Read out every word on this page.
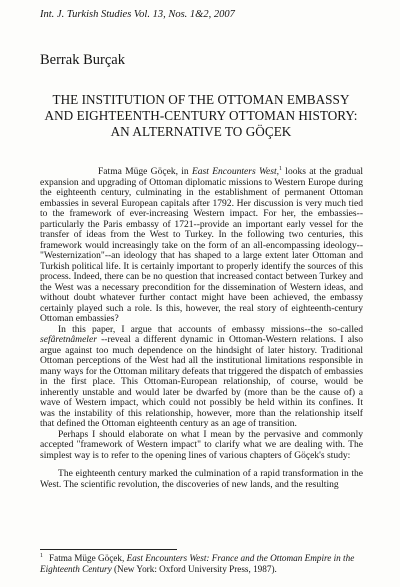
Int. J. Turkish Studies Vol. 13, Nos. 1&2, 2007
Berrak Burçak
THE INSTITUTION OF THE OTTOMAN EMBASSY
AND EIGHTEENTH-CENTURY OTTOMAN HISTORY:
AN ALTERNATIVE TO GÖÇEK

Fatma Müge Göçek, in East Encounters West,$^1$ looks at the gradual expansion and upgrading of Ottoman diplomatic missions to Western Europe during the eighteenth century, culminating in the establishment of permanent Ottoman embassies in several European capitals after 1792. Her discussion is very much tied to the framework of ever-increasing Western impact. For her, the embassies--particularly the Paris embassy of 1721--provide an important early vessel for the transfer of ideas from the West to Turkey. In the following two centuries, this framework would increasingly take on the form of an all-encompassing ideology--"Westernization"--an ideology that has shaped to a large extent later Ottoman and Turkish political life. It is certainly important to properly identify the sources of this process. Indeed, there can be no question that increased contact between Turkey and the West was a necessary precondition for the dissemination of Western ideas, and without doubt whatever further contact might have been achieved, the embassy certainly played such a role. Is this, however, the real story of eighteenth-century Ottoman embassies?

In this paper, I argue that accounts of embassy missions--the so-called sefâretnâmeler --reveal a different dynamic in Ottoman-Western relations. I also argue against too much dependence on the hindsight of later history. Traditional Ottoman perceptions of the West had all the institutional limitations responsible in many ways for the Ottoman military defeats that triggered the dispatch of embassies in the first place. This Ottoman-European relationship, of course, would be inherently unstable and would later be dwarfed by (more than be the cause of) a wave of Western impact, which could not possibly be held within its confines. It was the instability of this relationship, however, more than the relationship itself that defined the Ottoman eighteenth century as an age of transition.

Perhaps I should elaborate on what I mean by the pervasive and commonly accepted "framework of Western impact" to clarify what we are dealing with. The simplest way is to refer to the opening lines of various chapters of Göçek's study:

The eighteenth century marked the culmination of a rapid transformation in the West. The scientific revolution, the discoveries of new lands, and the resulting

$^1$ Fatma Müge Göçek, East Encounters West: France and the Ottoman Empire in the Eighteenth Century (New York: Oxford University Press, 1987).
